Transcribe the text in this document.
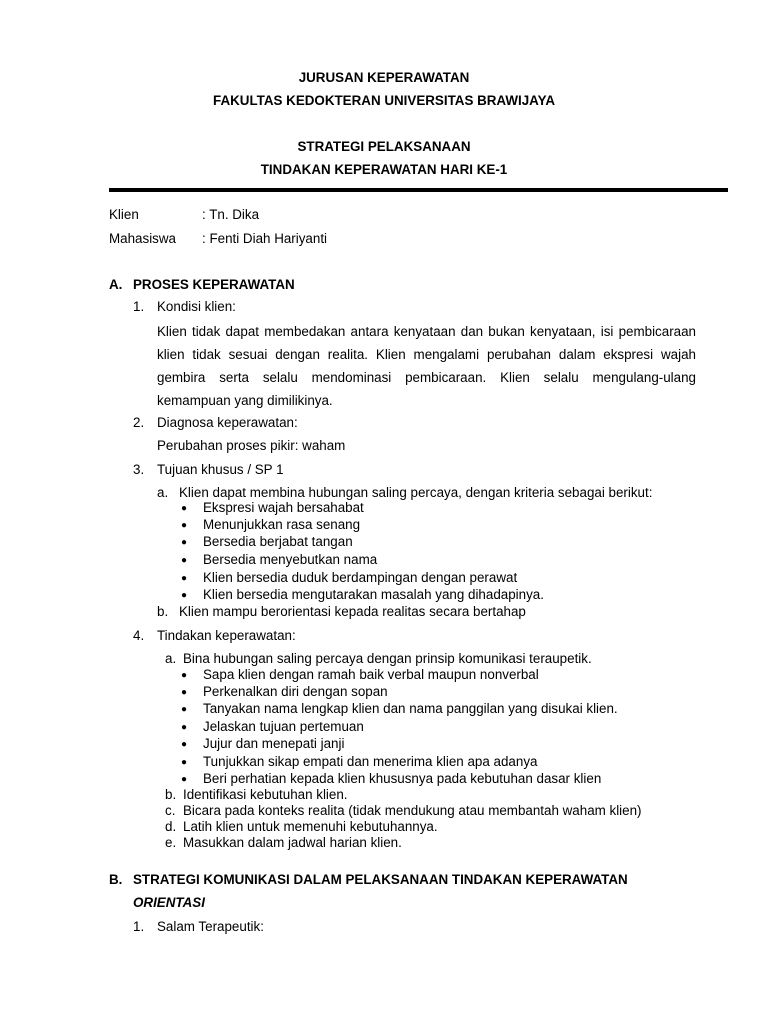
JURUSAN KEPERAWATAN
FAKULTAS KEDOKTERAN UNIVERSITAS BRAWIJAYA
STRATEGI PELAKSANAAN
TINDAKAN KEPERAWATAN HARI KE-1
Klien	: Tn. Dika
Mahasiswa : Fenti Diah Hariyanti
A. PROSES KEPERAWATAN
1. Kondisi klien:
Klien tidak dapat membedakan antara kenyataan dan bukan kenyataan, isi pembicaraan klien tidak sesuai dengan realita. Klien mengalami perubahan dalam ekspresi wajah gembira serta selalu mendominasi pembicaraan. Klien selalu mengulang-ulang kemampuan yang dimilikinya.
2. Diagnosa keperawatan:
Perubahan proses pikir: waham
3. Tujuan khusus / SP 1
a. Klien dapat membina hubungan saling percaya, dengan kriteria sebagai berikut:
● Ekspresi wajah bersahabat
● Menunjukkan rasa senang
● Bersedia berjabat tangan
● Bersedia menyebutkan nama
● Klien bersedia duduk berdampingan dengan perawat
● Klien bersedia mengutarakan masalah yang dihadapinya.
b. Klien mampu berorientasi kepada realitas secara bertahap
4. Tindakan keperawatan:
a. Bina hubungan saling percaya dengan prinsip komunikasi teraupetik.
● Sapa klien dengan ramah baik verbal maupun nonverbal
● Perkenalkan diri dengan sopan
● Tanyakan nama lengkap klien dan nama panggilan yang disukai klien.
● Jelaskan tujuan pertemuan
● Jujur dan menepati janji
● Tunjukkan sikap empati dan menerima klien apa adanya
● Beri perhatian kepada klien khususnya pada kebutuhan dasar klien
b. Identifikasi kebutuhan klien.
c. Bicara pada konteks realita (tidak mendukung atau membantah waham klien)
d. Latih klien untuk memenuhi kebutuhannya.
e. Masukkan dalam jadwal harian klien.
B. STRATEGI KOMUNIKASI DALAM PELAKSANAAN TINDAKAN KEPERAWATAN
ORIENTASI
1. Salam Terapeutik:
